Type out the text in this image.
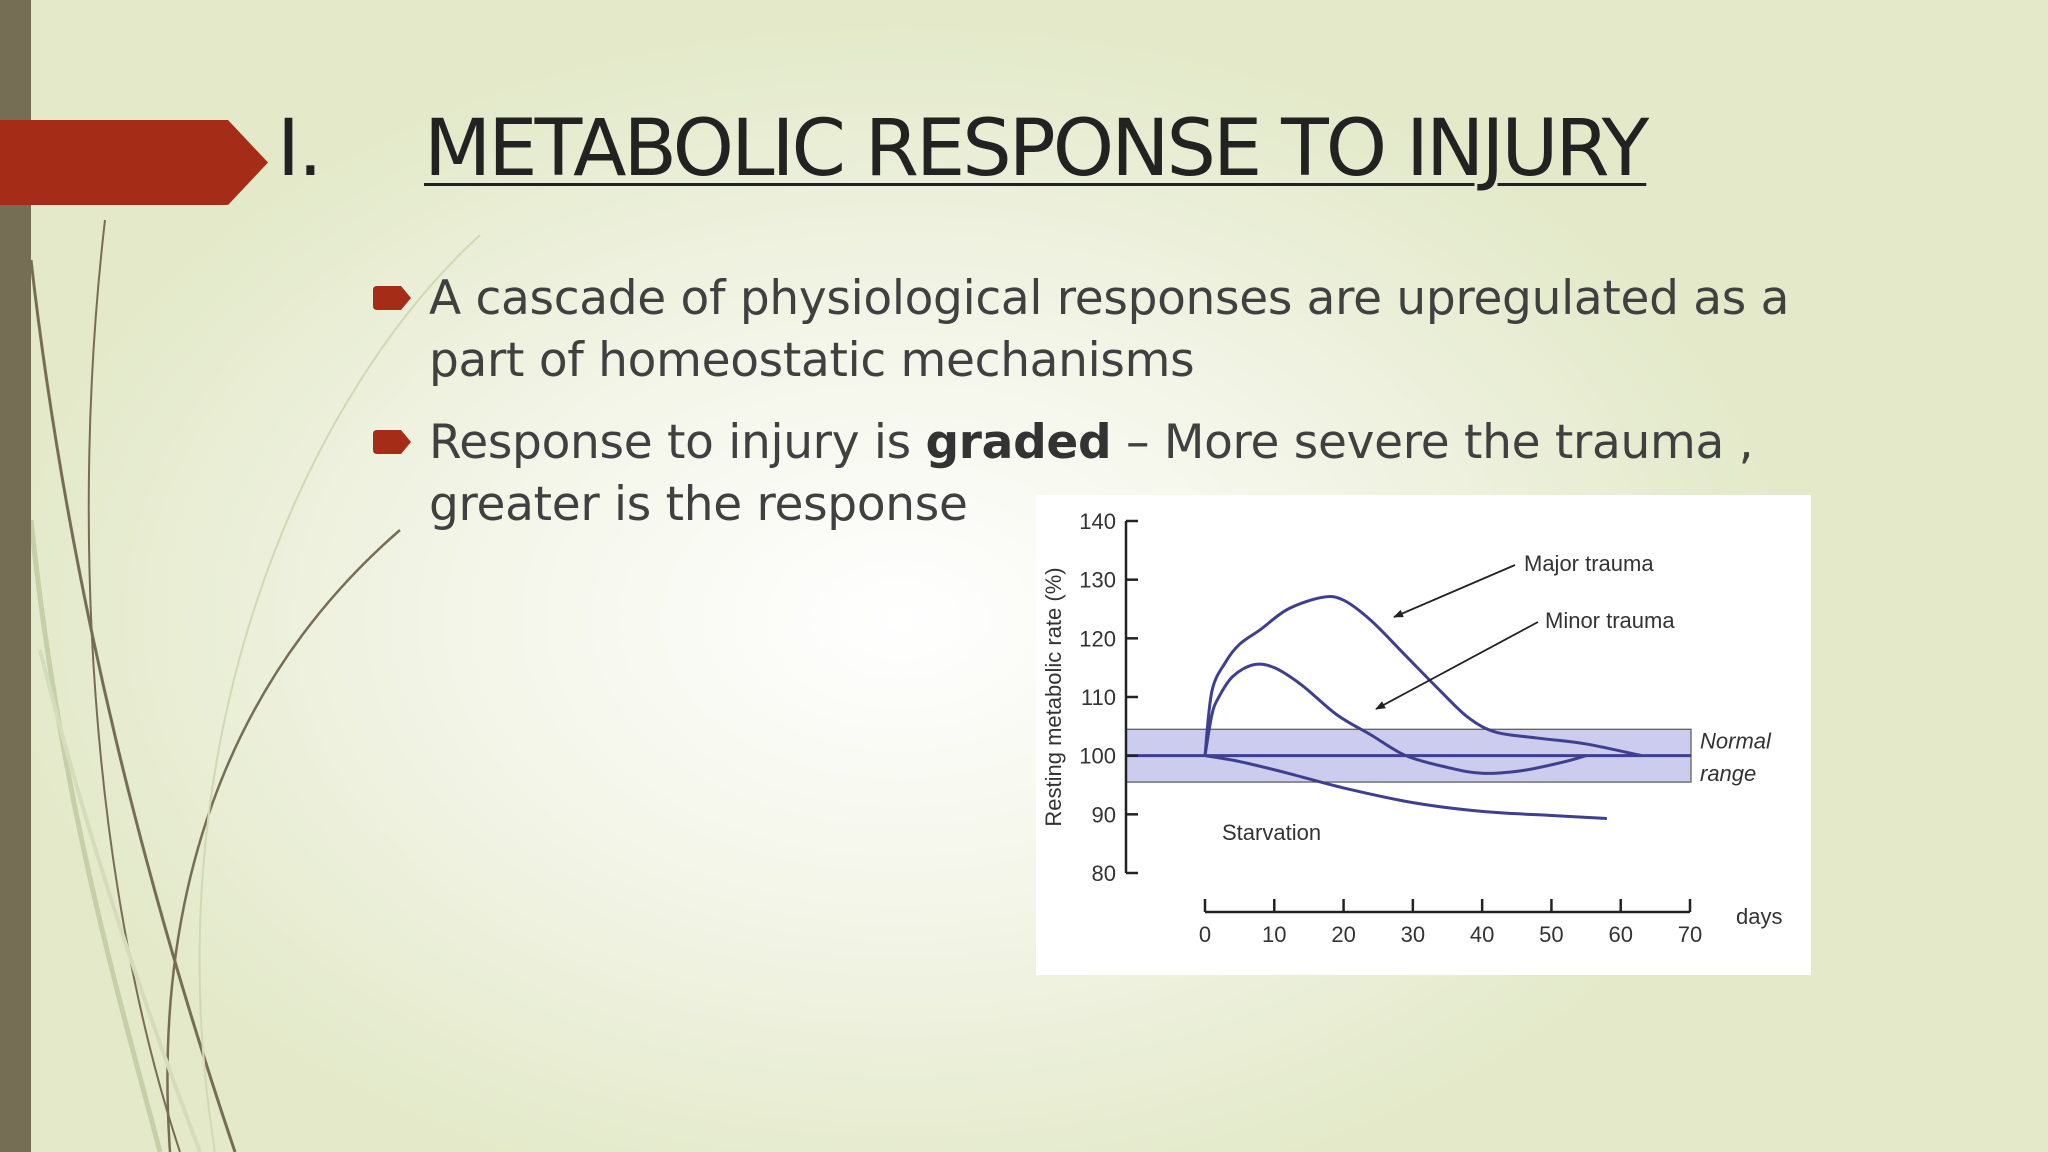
I. METABOLIC RESPONSE TO INJURY
A cascade of physiological responses are upregulated as a part of homeostatic mechanisms
Response to injury is graded – More severe the trauma , greater is the response
80
90
100
110
120
130
140
Resting metabolic rate (%)
0 10 20 30 40 50 60 70
days
Normal
range
Major trauma
Minor trauma
Starvation
